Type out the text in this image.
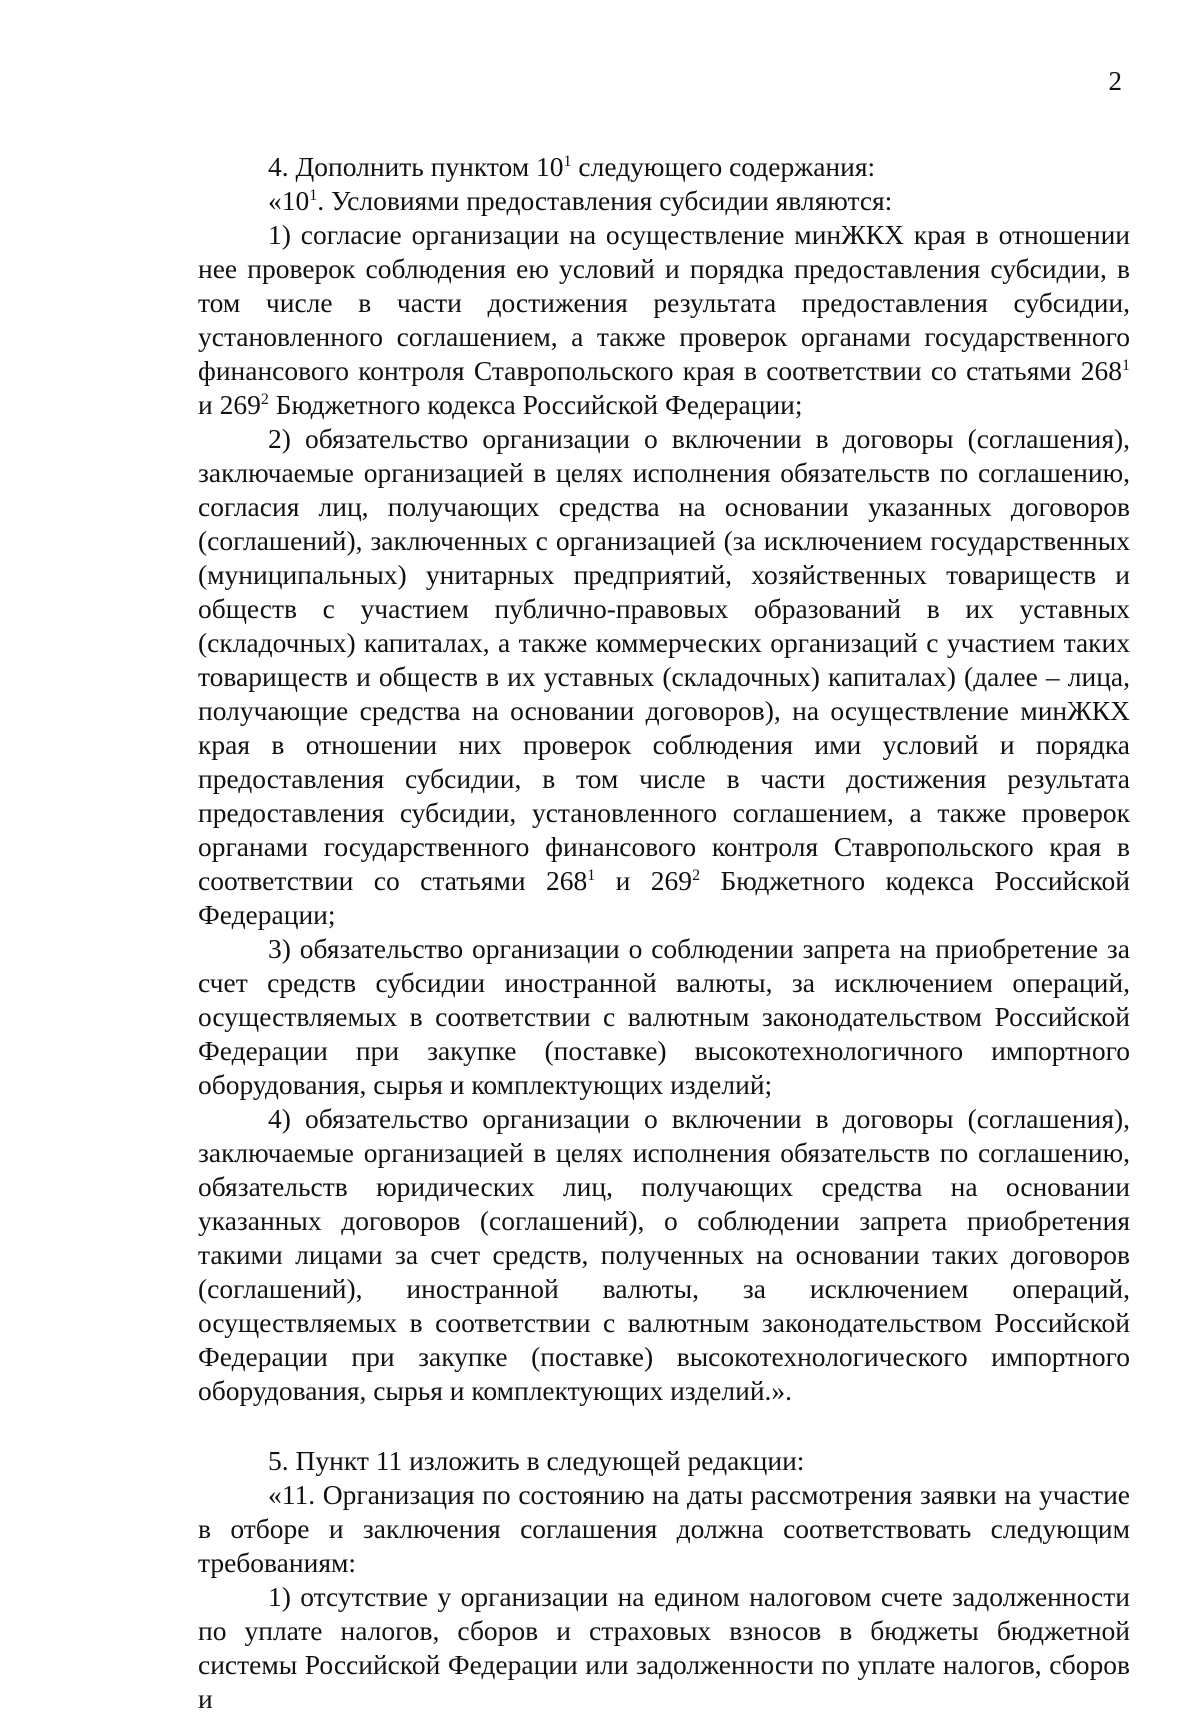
2

4. Дополнить пунктом $10^1$ следующего содержания:

«$10^1$. Условиями предоставления субсидии являются:

1) согласие организации на осуществление минЖКХ края в отношении нее проверок соблюдения ею условий и порядка предоставления субсидии, в том числе в части достижения результата предоставления субсидии, установленного соглашением, а также проверок органами государственного финансового контроля Ставропольского края в соответствии со статьями $268^1$ и $269^2$ Бюджетного кодекса Российской Федерации;

2) обязательство организации о включении в договоры (соглашения), заключаемые организацией в целях исполнения обязательств по соглашению, согласия лиц, получающих средства на основании указанных договоров (соглашений), заключенных с организацией (за исключением государственных (муниципальных) унитарных предприятий, хозяйственных товариществ и обществ с участием публично-правовых образований в их уставных (складочных) капиталах, а также коммерческих организаций с участием таких товариществ и обществ в их уставных (складочных) капиталах) (далее – лица, получающие средства на основании договоров), на осуществление минЖКХ края в отношении них проверок соблюдения ими условий и порядка предоставления субсидии, в том числе в части достижения результата предоставления субсидии, установленного соглашением, а также проверок органами государственного финансового контроля Ставропольского края в соответствии со статьями $268^1$ и $269^2$ Бюджетного кодекса Российской Федерации;

3) обязательство организации о соблюдении запрета на приобретение за счет средств субсидии иностранной валюты, за исключением операций, осуществляемых в соответствии с валютным законодательством Российской Федерации при закупке (поставке) высокотехнологичного импортного оборудования, сырья и комплектующих изделий;

4) обязательство организации о включении в договоры (соглашения), заключаемые организацией в целях исполнения обязательств по соглашению, обязательств юридических лиц, получающих средства на основании указанных договоров (соглашений), о соблюдении запрета приобретения такими лицами за счет средств, полученных на основании таких договоров (соглашений), иностранной валюты, за исключением операций, осуществляемых в соответствии с валютным законодательством Российской Федерации при закупке (поставке) высокотехнологического импортного оборудования, сырья и комплектующих изделий.».

5. Пункт 11 изложить в следующей редакции:

«11. Организация по состоянию на даты рассмотрения заявки на участие в отборе и заключения соглашения должна соответствовать следующим требованиям:

1) отсутствие у организации на едином налоговом счете задолженности по уплате налогов, сборов и страховых взносов в бюджеты бюджетной системы Российской Федерации или задолженности по уплате налогов, сборов и
